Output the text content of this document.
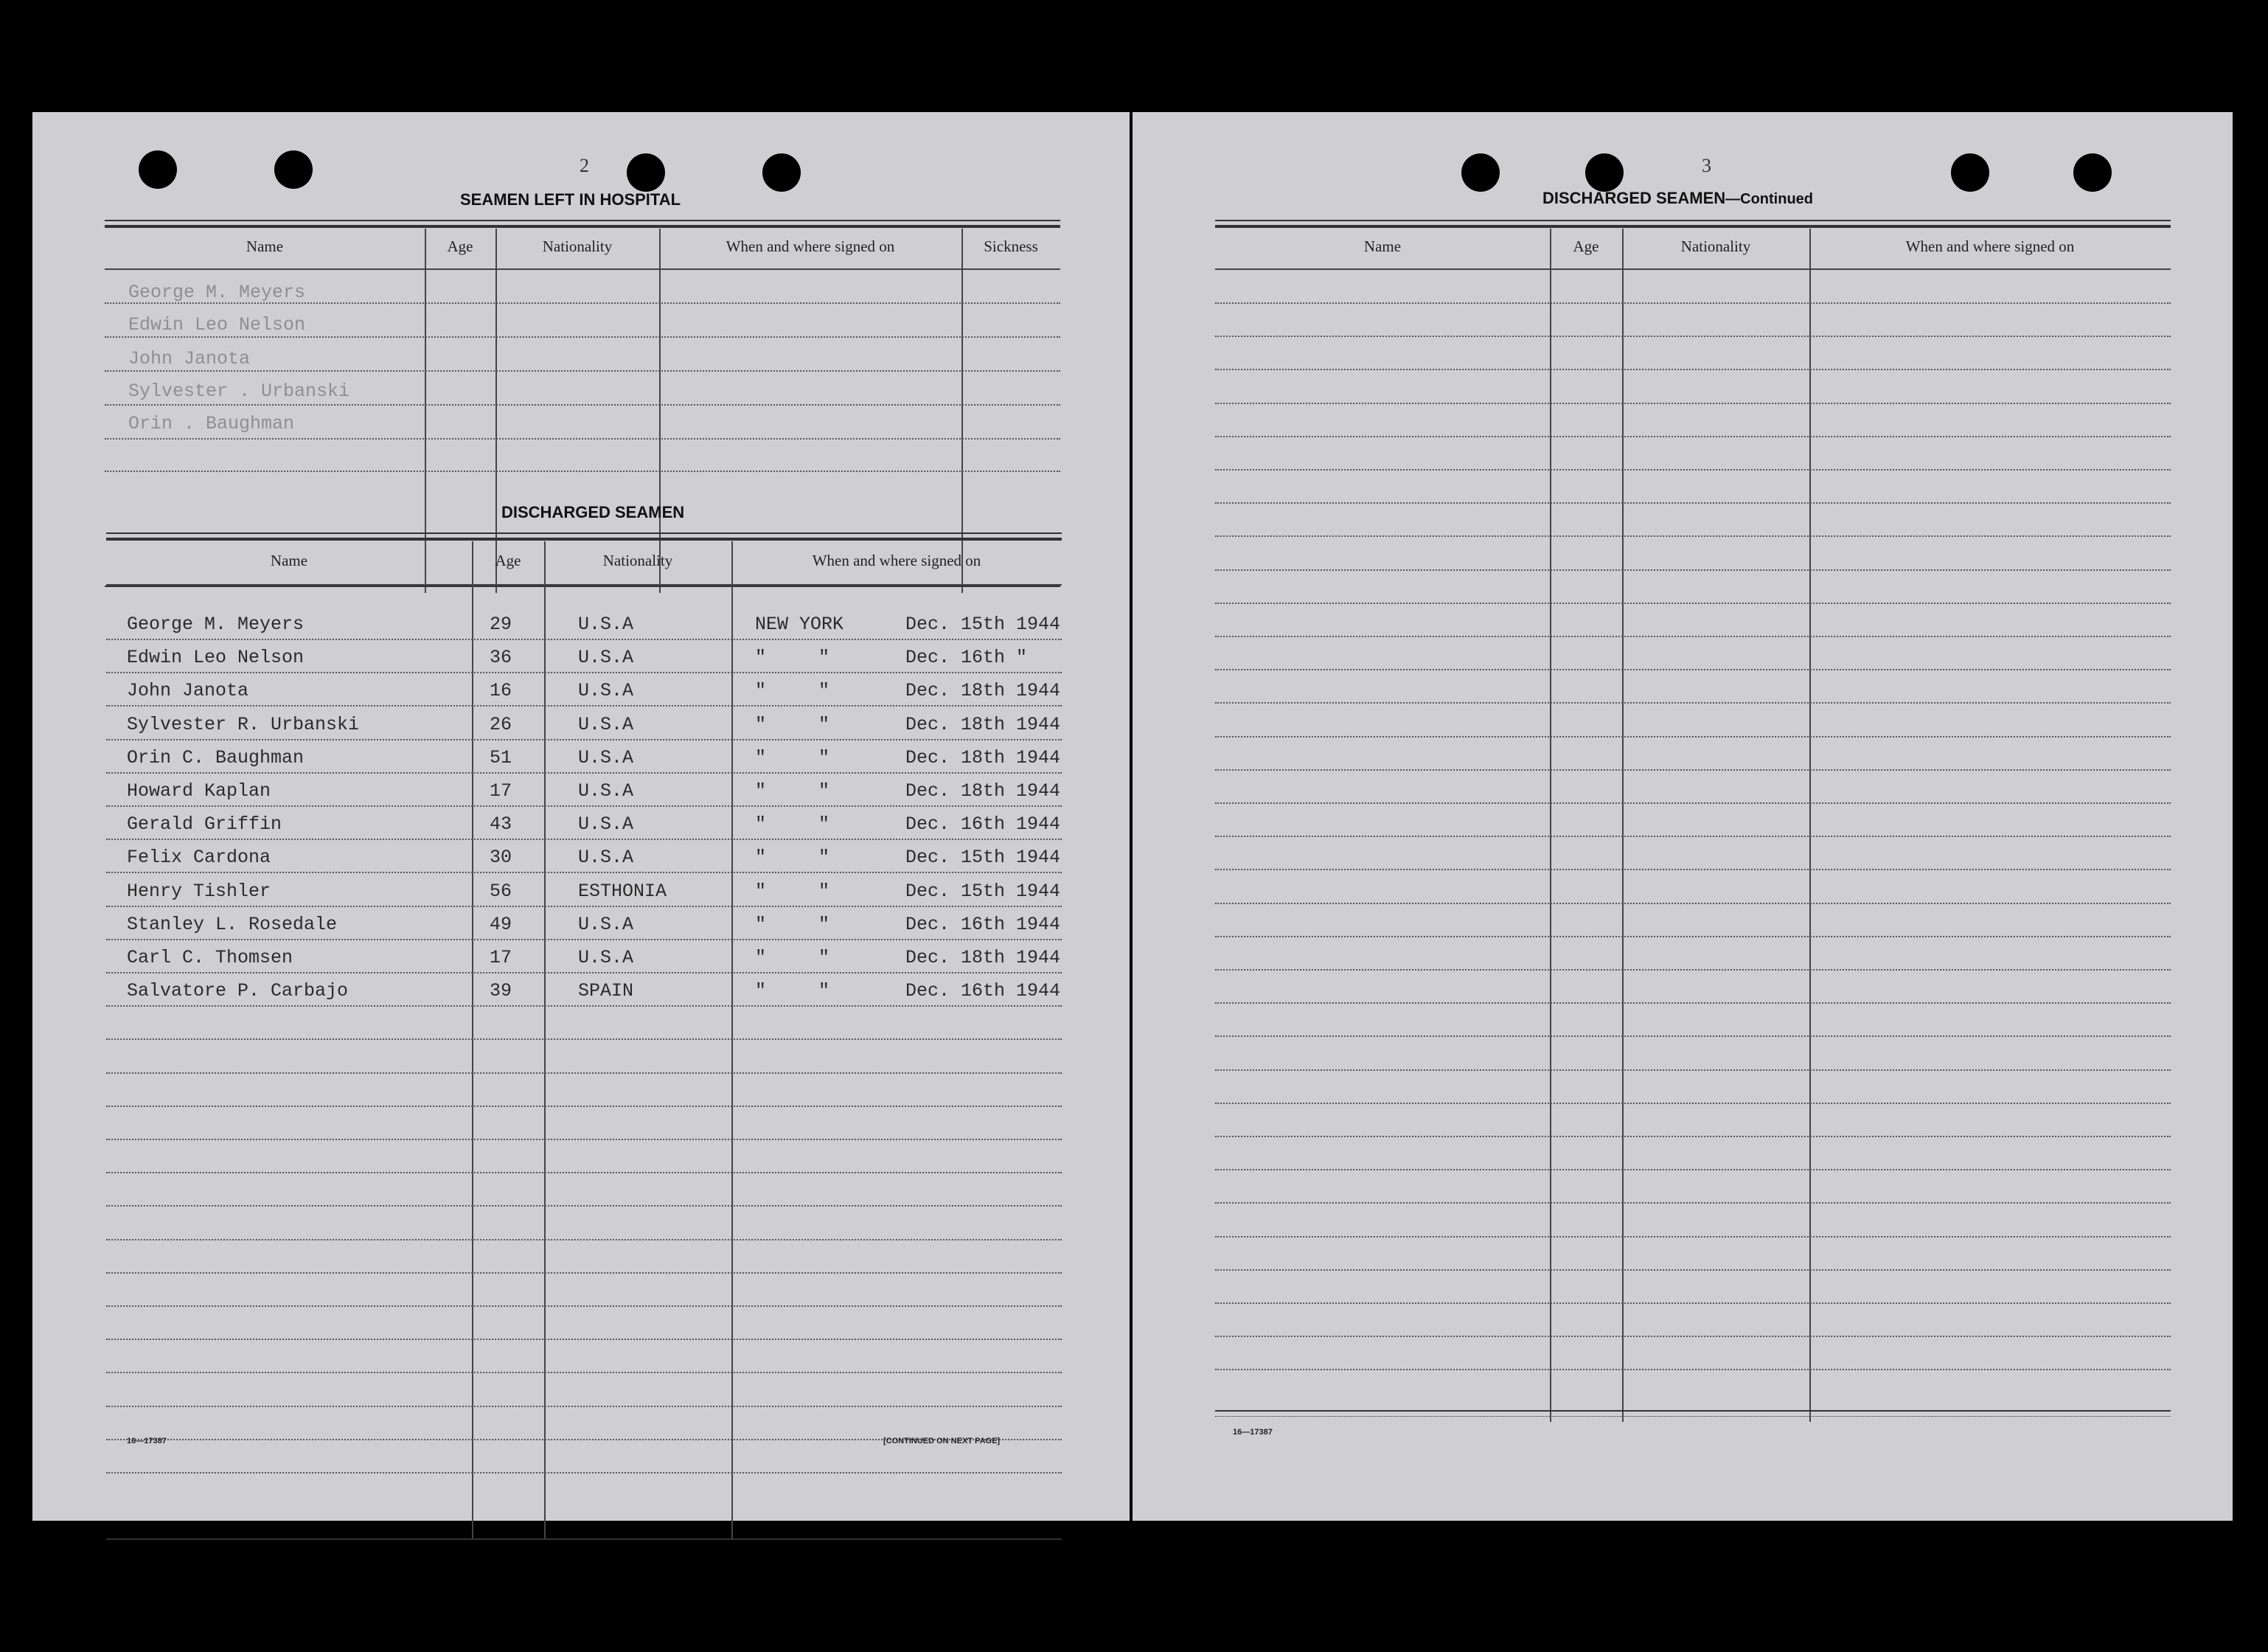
2
SEAMEN LEFT IN HOSPITAL
Name	Age	Nationality	When and where signed on	Sickness
George M. Meyers
Edwin Leo Nelson
John Janota
Sylvester . Urbanski
Orin . Baughman
DISCHARGED SEAMEN
Name	Age	Nationality	When and where signed on
George M. Meyers	29	U.S.A	NEW YORK	Dec. 15th 1944
Edwin Leo Nelson	36	U.S.A	"	"	Dec. 16th "
John Janota	16	U.S.A	"	"	Dec. 18th 1944
Sylvester R. Urbanski	26	U.S.A	"	"	Dec. 18th 1944
Orin C. Baughman	51	U.S.A	"	"	Dec. 18th 1944
Howard Kaplan	17	U.S.A	"	"	Dec. 18th 1944
Gerald Griffin	43	U.S.A	"	"	Dec. 16th 1944
Felix Cardona	30	U.S.A	"	"	Dec. 15th 1944
Henry Tishler	56	ESTHONIA	"	"	Dec. 15th 1944
Stanley L. Rosedale	49	U.S.A	"	"	Dec. 16th 1944
Carl C. Thomsen	17	U.S.A	"	"	Dec. 18th 1944
Salvatore P. Carbajo	39	SPAIN	"	"	Dec. 16th 1944
16—17387	[CONTINUED ON NEXT PAGE]
3
DISCHARGED SEAMEN—Continued
Name	Age	Nationality	When and where signed on
16—17387
